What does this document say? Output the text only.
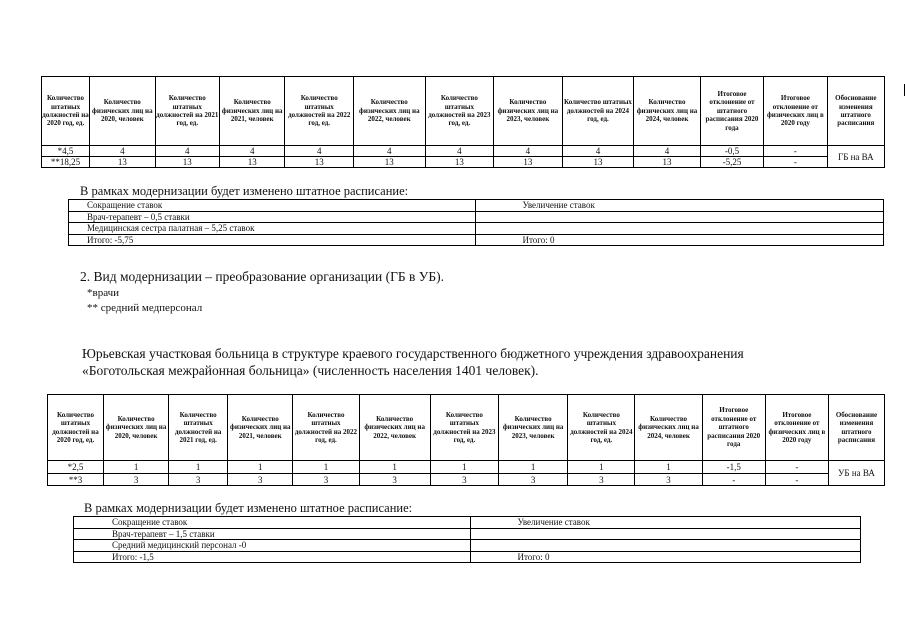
Количество штатных должностей на 2020 год, ед.	Количество физических лиц на 2020, человек	Количество штатных должностей на 2021 год, ед.	Количество физических лиц на 2021, человек	Количество штатных должностей на 2022 год, ед.	Количество физических лиц на 2022, человек	Количество штатных должностей на 2023 год, ед.	Количество физических лиц на 2023, человек	Количество штатных должностей на 2024 год, ед.	Количество физических лиц на 2024, человек	Итоговое отклонение от штатного расписания 2020 года	Итоговое отклонение от физических лиц в 2020 году	Обоснование изменения штатного расписания
*4,5	4	4	4	4	4	4	4	4	4	-0,5	-	ГБ на ВА
**18,25	13	13	13	13	13	13	13	13	13	-5,25	-	
В рамках модернизации будет изменено штатное расписание:
Сокращение ставок	Увеличение ставок
Врач-терапевт – 0,5 ставки	
Медицинская сестра палатная – 5,25 ставок	
Итого: -5,75	Итого: 0
2. Вид модернизации – преобразование организации (ГБ в УБ).
*врачи
** средний медперсонал
Юрьевская участковая больница в структуре краевого государственного бюджетного учреждения здравоохранения
«Боготольская межрайонная больница» (численность населения 1401 человек).
Количество штатных должностей на 2020 год, ед.	Количество физических лиц на 2020, человек	Количество штатных должностей на 2021 год, ед.	Количество физических лиц на 2021, человек	Количество штатных должностей на 2022 год, ед.	Количество физических лиц на 2022, человек	Количество штатных должностей на 2023 год, ед.	Количество физических лиц на 2023, человек	Количество штатных должностей на 2024 год, ед.	Количество физических лиц на 2024, человек	Итоговое отклонение от штатного расписания 2020 года	Итоговое отклонение от физических лиц в 2020 году	Обоснование изменения штатного расписания
*2,5	1	1	1	1	1	1	1	1	1	-1,5	-	УБ на ВА
**3	3	3	3	3	3	3	3	3	3	-	-	
В рамках модернизации будет изменено штатное расписание:
Сокращение ставок	Увеличение ставок
Врач-терапевт – 1,5 ставки	
Средний медицинский персонал -0	
Итого: -1,5	Итого: 0
